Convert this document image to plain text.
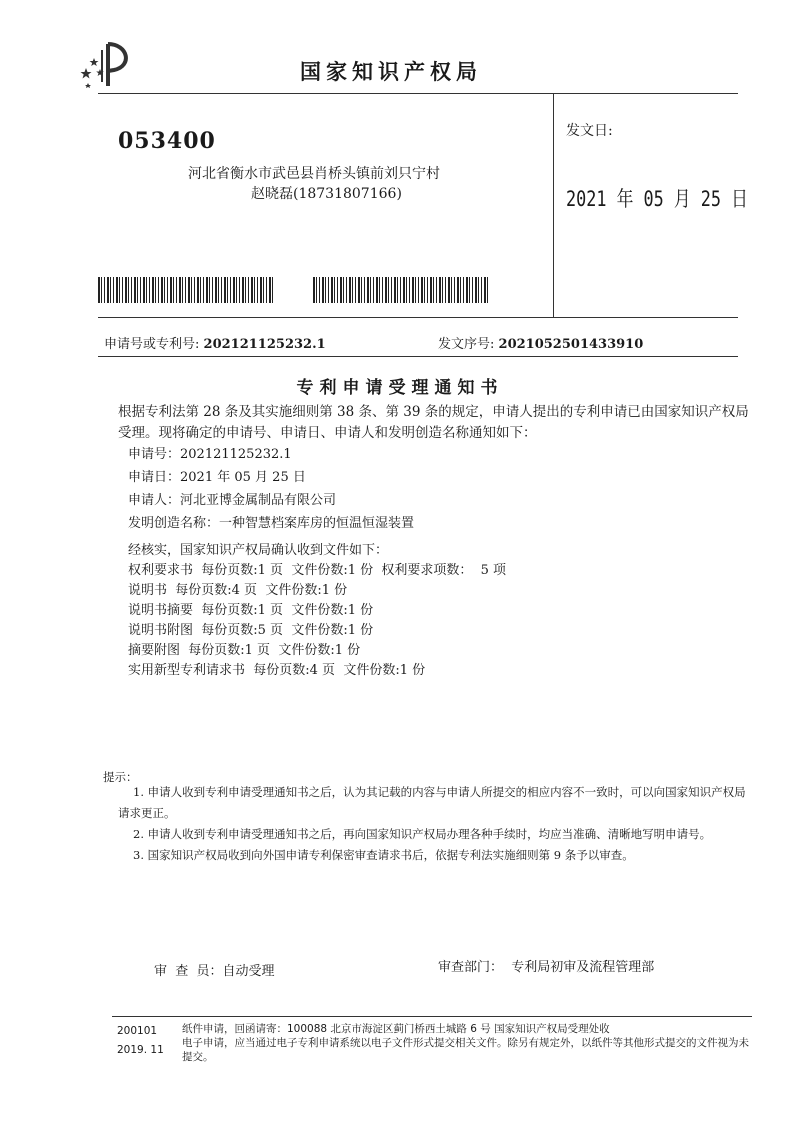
国家知识产权局
053400
河北省衡水市武邑县肖桥头镇前刘只宁村
赵晓磊(18731807166)
发文日:
2021 年 05 月 25 日
申请号或专利号: 202121125232.1	发文序号: 2021052501433910
专利申请受理通知书
根据专利法第 28 条及其实施细则第 38 条、第 39 条的规定，申请人提出的专利申请已由国家知识产权局受理。现将确定的申请号、申请日、申请人和发明创造名称通知如下：
申请号：202121125232.1
申请日：2021 年 05 月 25 日
申请人：河北亚博金属制品有限公司
发明创造名称：一种智慧档案库房的恒温恒湿装置
经核实，国家知识产权局确认收到文件如下：
权利要求书  每份页数:1 页  文件份数:1 份  权利要求项数：  5 项
说明书  每份页数:4 页  文件份数:1 份
说明书摘要  每份页数:1 页  文件份数:1 份
说明书附图  每份页数:5 页  文件份数:1 份
摘要附图  每份页数:1 页  文件份数:1 份
实用新型专利请求书  每份页数:4 页  文件份数:1 份
提示：
1. 申请人收到专利申请受理通知书之后，认为其记载的内容与申请人所提交的相应内容不一致时，可以向国家知识产权局请求更正。
2. 申请人收到专利申请受理通知书之后，再向国家知识产权局办理各种手续时，均应当准确、清晰地写明申请号。
3. 国家知识产权局收到向外国申请专利保密审查请求书后，依据专利法实施细则第 9 条予以审查。
审  查  员：自动受理	审查部门：  专利局初审及流程管理部
200101
2019. 11
纸件申请，回函请寄：100088 北京市海淀区蓟门桥西土城路 6 号 国家知识产权局受理处收
电子申请，应当通过电子专利申请系统以电子文件形式提交相关文件。除另有规定外，以纸件等其他形式提交的文件视为未提交。
